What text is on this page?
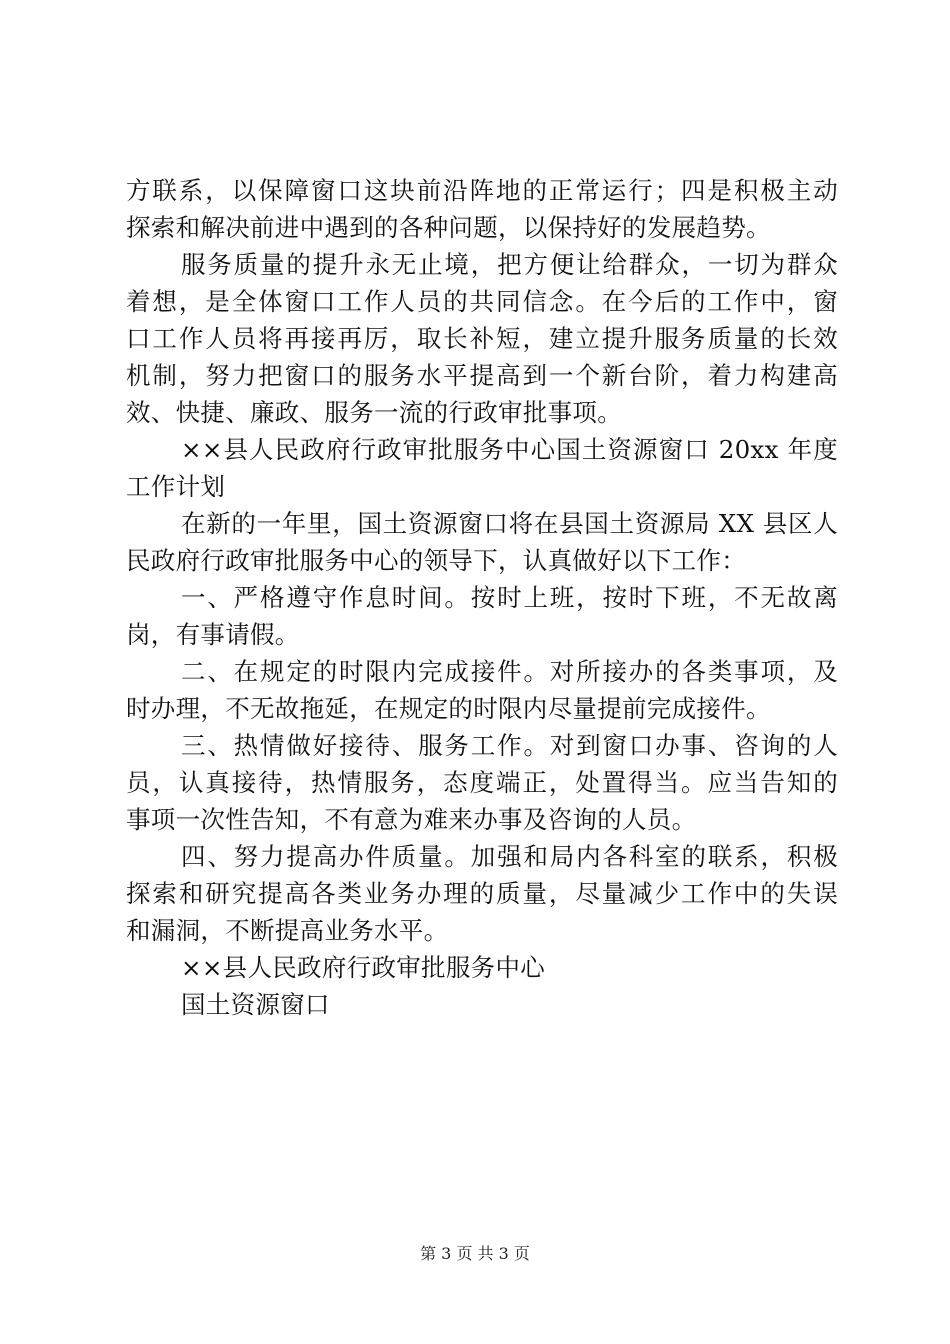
方联系，以保障窗口这块前沿阵地的正常运行；四是积极主动
探索和解决前进中遇到的各种问题，以保持好的发展趋势。
服务质量的提升永无止境，把方便让给群众，一切为群众
着想，是全体窗口工作人员的共同信念。在今后的工作中，窗
口工作人员将再接再厉，取长补短，建立提升服务质量的长效
机制，努力把窗口的服务水平提高到一个新台阶，着力构建高
效、快捷、廉政、服务一流的行政审批事项。
××县人民政府行政审批服务中心国土资源窗口 20xx 年度
工作计划
在新的一年里，国土资源窗口将在县国土资源局 XX 县区人
民政府行政审批服务中心的领导下，认真做好以下工作：
一、严格遵守作息时间。按时上班，按时下班，不无故离
岗，有事请假。
二、在规定的时限内完成接件。对所接办的各类事项，及
时办理，不无故拖延，在规定的时限内尽量提前完成接件。
三、热情做好接待、服务工作。对到窗口办事、咨询的人
员，认真接待，热情服务，态度端正，处置得当。应当告知的
事项一次性告知，不有意为难来办事及咨询的人员。
四、努力提高办件质量。加强和局内各科室的联系，积极
探索和研究提高各类业务办理的质量，尽量减少工作中的失误
和漏洞，不断提高业务水平。
××县人民政府行政审批服务中心
国土资源窗口
第 3 页 共 3 页
